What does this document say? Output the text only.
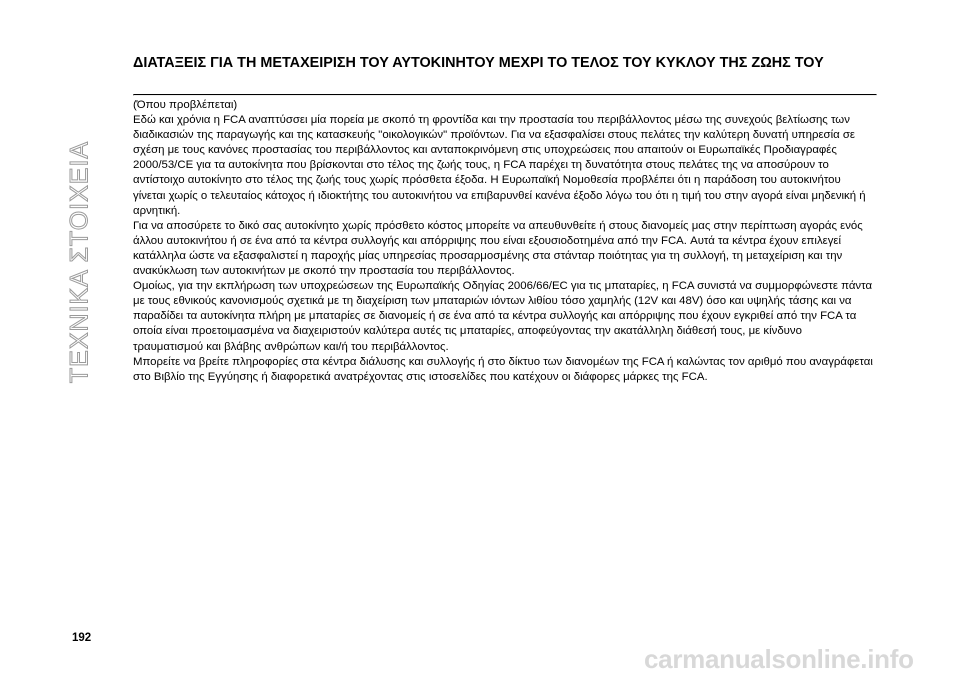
ΤΕΧΝΙΚΑ ΣΤΟΙΧΕΙΑ
ΔΙΑΤΑΞΕΙΣ ΓΙΑ ΤΗ ΜΕΤΑΧΕΙΡΙΣΗ ΤΟΥ ΑΥΤΟΚΙΝΗΤΟΥ ΜΕΧΡΙ ΤΟ ΤΕΛΟΣ ΤΟΥ ΚΥΚΛΟΥ ΤΗΣ ΖΩΗΣ ΤΟΥ

(Όπου προβλέπεται)

Εδώ και χρόνια η FCA αναπτύσσει μία πορεία με σκοπό τη φροντίδα και την προστασία του περιβάλλοντος μέσω της συνεχούς βελτίωσης των διαδικασιών της παραγωγής και της κατασκευής "οικολογικών" προϊόντων. Για να εξασφαλίσει στους πελάτες την καλύτερη δυνατή υπηρεσία σε σχέση με τους κανόνες προστασίας του περιβάλλοντος και ανταποκρινόμενη στις υποχρεώσεις που απαιτούν οι Ευρωπαϊκές Προδιαγραφές 2000/53/CE για τα αυτοκίνητα που βρίσκονται στο τέλος της ζωής τους, η FCA παρέχει τη δυνατότητα στους πελάτες της να αποσύρουν το αντίστοιχο αυτοκίνητο στο τέλος της ζωής τους χωρίς πρόσθετα έξοδα. Η Ευρωπαϊκή Νομοθεσία προβλέπει ότι η παράδοση του αυτοκινήτου γίνεται χωρίς ο τελευταίος κάτοχος ή ιδιοκτήτης του αυτοκινήτου να επιβαρυνθεί κανένα έξοδο λόγω του ότι η τιμή του στην αγορά είναι μηδενική ή αρνητική.

Για να αποσύρετε το δικό σας αυτοκίνητο χωρίς πρόσθετο κόστος μπορείτε να απευθυνθείτε ή στους διανομείς μας στην περίπτωση αγοράς ενός άλλου αυτοκινήτου ή σε ένα από τα κέντρα συλλογής και απόρριψης που είναι εξουσιοδοτημένα από την FCA. Αυτά τα κέντρα έχουν επιλεγεί κατάλληλα ώστε να εξασφαλιστεί η παροχής μίας υπηρεσίας προσαρμοσμένης στα στάνταρ ποιότητας για τη συλλογή, τη μεταχείριση και την ανακύκλωση των αυτοκινήτων με σκοπό την προστασία του περιβάλλοντος.

Ομοίως, για την εκπλήρωση των υποχρεώσεων της Ευρωπαϊκής Οδηγίας 2006/66/EC για τις μπαταρίες, η FCA συνιστά να συμμορφώνεστε πάντα με τους εθνικούς κανονισμούς σχετικά με τη διαχείριση των μπαταριών ιόντων λιθίου τόσο χαμηλής (12V και 48V) όσο και υψηλής τάσης και να παραδίδει τα αυτοκίνητα πλήρη με μπαταρίες σε διανομείς ή σε ένα από τα κέντρα συλλογής και απόρριψης που έχουν εγκριθεί από την FCA τα οποία είναι προετοιμασμένα να διαχειριστούν καλύτερα αυτές τις μπαταρίες, αποφεύγοντας την ακατάλληλη διάθεσή τους, με κίνδυνο τραυματισμού και βλάβης ανθρώπων και/ή του περιβάλλοντος.

Μπορείτε να βρείτε πληροφορίες στα κέντρα διάλυσης και συλλογής ή στο δίκτυο των διανομέων της FCA ή καλώντας τον αριθμό που αναγράφεται στο Βιβλίο της Εγγύησης ή διαφορετικά ανατρέχοντας στις ιστοσελίδες που κατέχουν οι διάφορες μάρκες της FCA.

192
carmanualsonline.info
